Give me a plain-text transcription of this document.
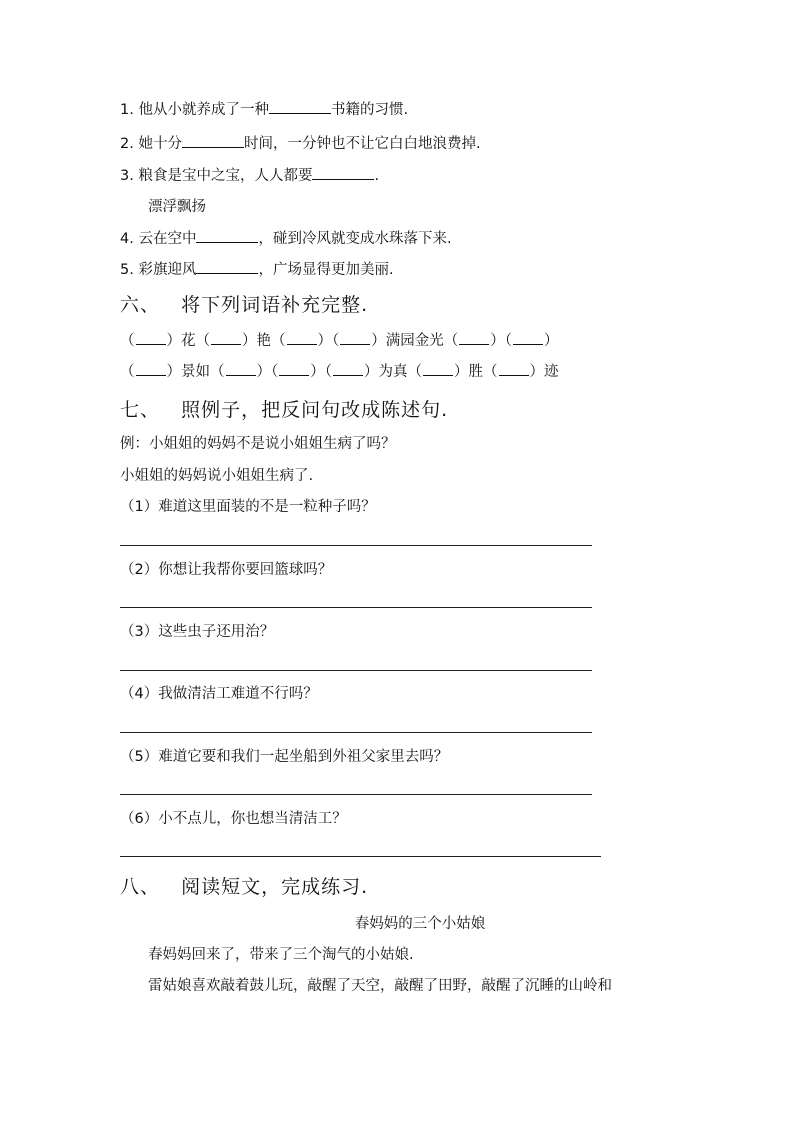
1. 他从小就养成了一种	书籍的习惯.
2. 她十分	时间，一分钟也不让它白白地浪费掉.
3. 粮食是宝中之宝，人人都要	.
漂浮飘扬
4. 云在空中	，碰到冷风就变成水珠落下来.
5. 彩旗迎风	，广场显得更加美丽.
六、 将下列词语补充完整.
（ ）花（ ）艳（ ）（ ）满园金光（ ）（ ）
（ ）景如（ ）（ ）（ ）为真（ ）胜（ ）迹
七、 照例子，把反问句改成陈述句.
例：小姐姐的妈妈不是说小姐姐生病了吗？
小姐姐的妈妈说小姐姐生病了.
（1）难道这里面装的不是一粒种子吗？
（2）你想让我帮你要回篮球吗？
（3）这些虫子还用治？
（4）我做清洁工难道不行吗？
（5）难道它要和我们一起坐船到外祖父家里去吗？
（6）小不点儿，你也想当清洁工？
八、 阅读短文，完成练习.
春妈妈的三个小姑娘
春妈妈回来了，带来了三个淘气的小姑娘.
雷姑娘喜欢敲着鼓儿玩，敲醒了天空，敲醒了田野，敲醒了沉睡的山岭和
